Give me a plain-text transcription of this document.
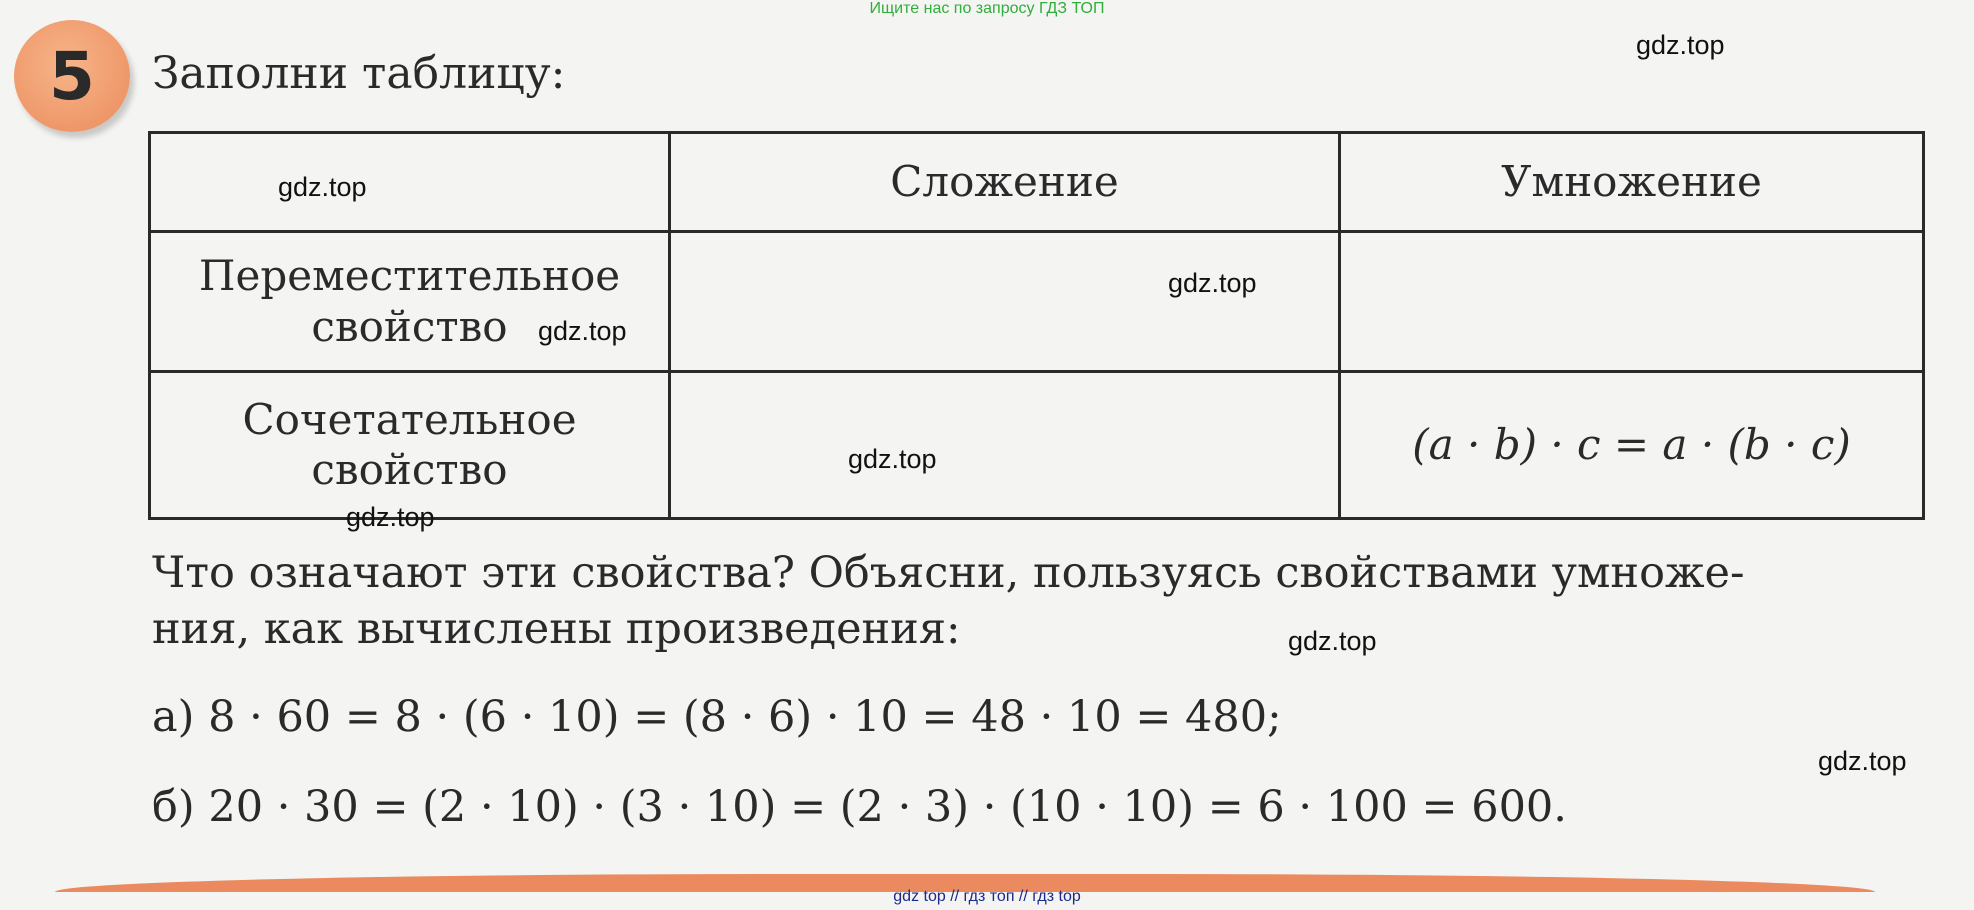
Ищите нас по запросу ГДЗ ТОП
5 Заполни таблицу:
	Сложение	Умножение

Переместительное
свойство		

Сочетательное
свойство		(a · b) · c = a · (b · c)
Что означают эти свойства? Объясни, пользуясь свойствами умноже-
ния, как вычислены произведения:
а) 8 · 60 = 8 · (6 · 10) = (8 · 6) · 10 = 48 · 10 = 480;
б) 20 · 30 = (2 · 10) · (3 · 10) = (2 · 3) · (10 · 10) = 6 · 100 = 600.
gdz.top
gdz.top
gdz.top
gdz.top
gdz.top
gdz.top
gdz.top
gdz.top
gdz top // гдз топ // гдз top
